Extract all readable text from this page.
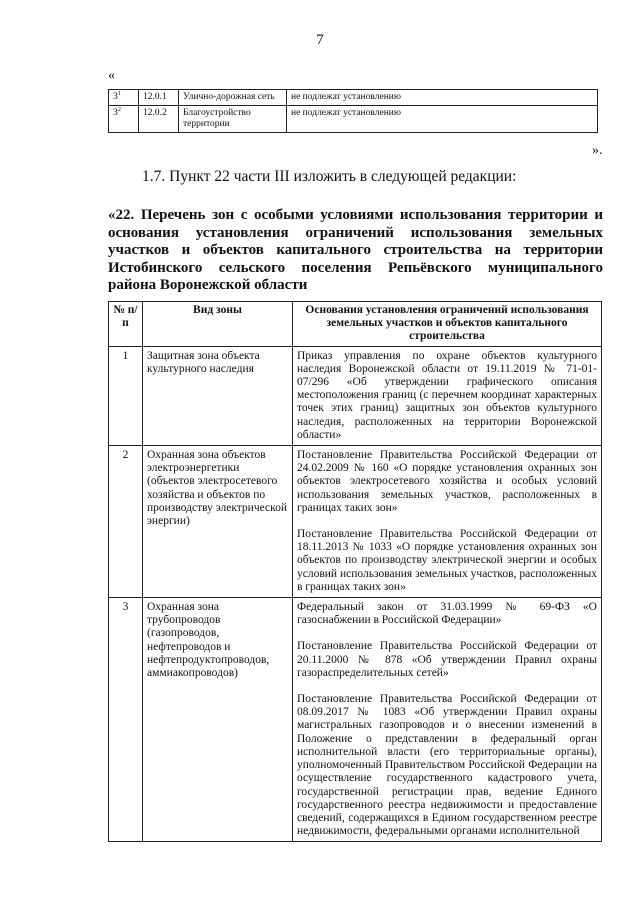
7
«
$3^1$	12.0.1	Улично-дорожная сеть	не подлежат установлению
$3^2$	12.0.2	Благоустройство территории	не подлежат установлению
».
1.7. Пункт 22 части III изложить в следующей редакции:
«22. Перечень зон с особыми условиями использования территории и основания установления ограничений использования земельных участков и объектов капитального строительства на территории Истобинского сельского поселения Репьёвского муниципального района Воронежской области
№ п/п	Вид зоны	Основания установления ограничений использования земельных участков и объектов капитального строительства
1	Защитная зона объекта культурного наследия	Приказ управления по охране объектов культурного наследия Воронежской области от 19.11.2019 № 71-01-07/296 «Об утверждении графического описания местоположения границ (с перечнем координат характерных точек этих границ) защитных зон объектов культурного наследия, расположенных на территории Воронежской области»

2	Охранная зона объектов электроэнергетики (объектов электросетевого хозяйства и объектов по производству электрической энергии)	Постановление Правительства Российской Федерации от 24.02.2009 № 160 «О порядке установления охранных зон объектов электросетевого хозяйства и особых условий использования земельных участков, расположенных в границах таких зон»
Постановление Правительства Российской Федерации от 18.11.2013 № 1033 «О порядке установления охранных зон объектов по производству электрической энергии и особых условий использования земельных участков, расположенных в границах таких зон»

3	Охранная зона трубопроводов (газопроводов, нефтепроводов и нефтепродуктопроводов, аммиакопроводов)	Федеральный закон от 31.03.1999 № 69-ФЗ «О газоснабжении в Российской Федерации»
Постановление Правительства Российской Федерации от 20.11.2000 № 878 «Об утверждении Правил охраны газораспределительных сетей»
Постановление Правительства Российской Федерации от 08.09.2017 № 1083 «Об утверждении Правил охраны магистральных газопроводов и о внесении изменений в Положение о представлении в федеральный орган исполнительной власти (его территориальные органы), уполномоченный Правительством Российской Федерации на осуществление государственного кадастрового учета, государственной регистрации прав, ведение Единого государственного реестра недвижимости и предоставление сведений, содержащихся в Едином государственном реестре недвижимости, федеральными органами исполнительной
